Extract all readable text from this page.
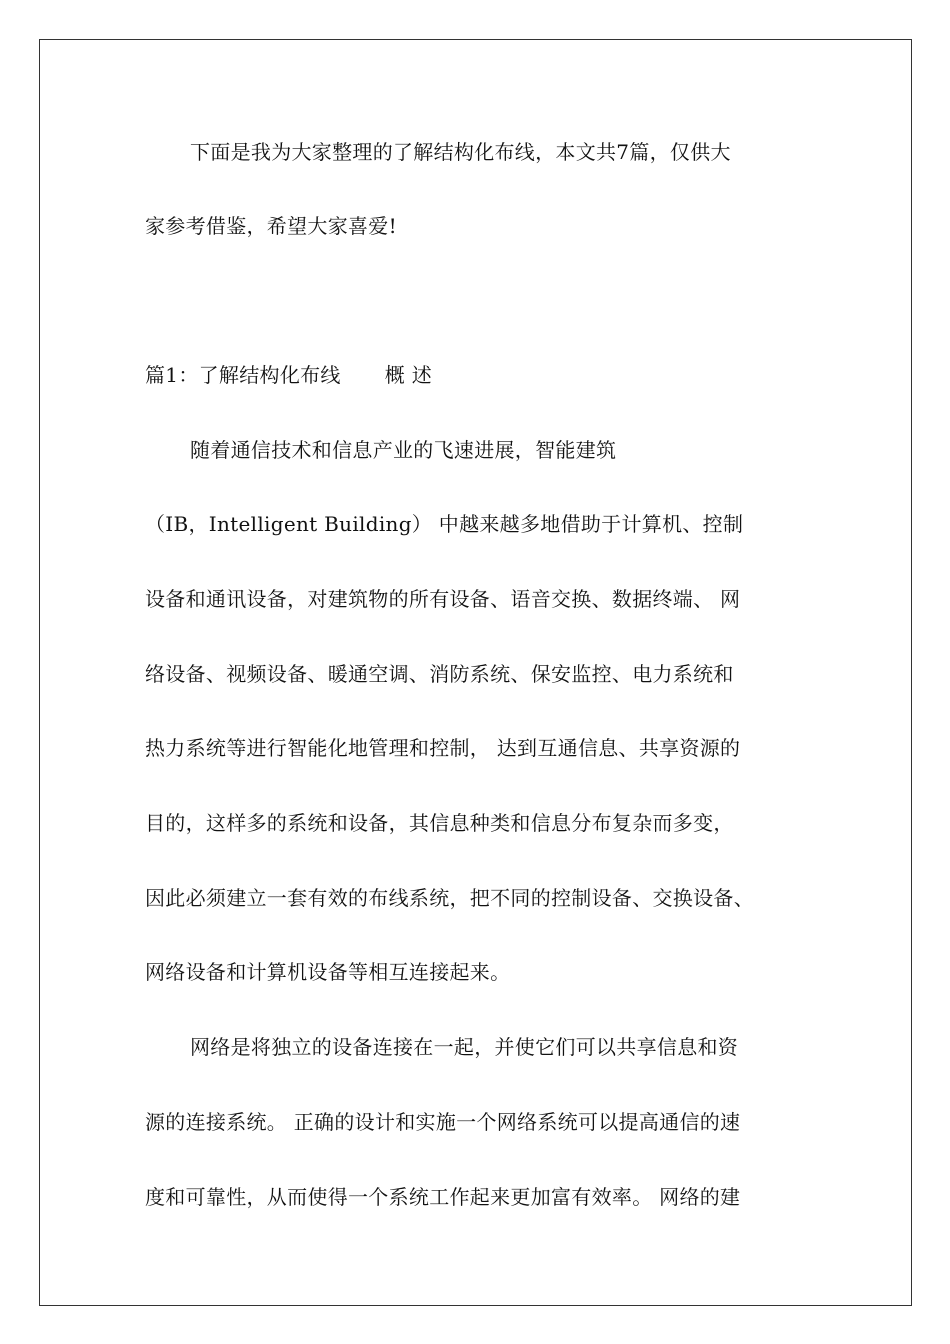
下面是我为大家整理的了解结构化布线，本文共7篇，仅供大
家参考借鉴，希望大家喜爱!
篇1：了解结构化布线 概 述
随着通信技术和信息产业的飞速进展，智能建筑
（IB，Intelligent Building） 中越来越多地借助于计算机、控制
设备和通讯设备，对建筑物的所有设备、语音交换、数据终端、 网
络设备、视频设备、暖通空调、消防系统、保安监控、电力系统和
热力系统等进行智能化地管理和控制， 达到互通信息、共享资源的
目的，这样多的系统和设备，其信息种类和信息分布复杂而多变，
因此必须建立一套有效的布线系统，把不同的控制设备、交换设备、
网络设备和计算机设备等相互连接起来。
网络是将独立的设备连接在一起，并使它们可以共享信息和资
源的连接系统。 正确的设计和实施一个网络系统可以提高通信的速
度和可靠性，从而使得一个系统工作起来更加富有效率。 网络的建
